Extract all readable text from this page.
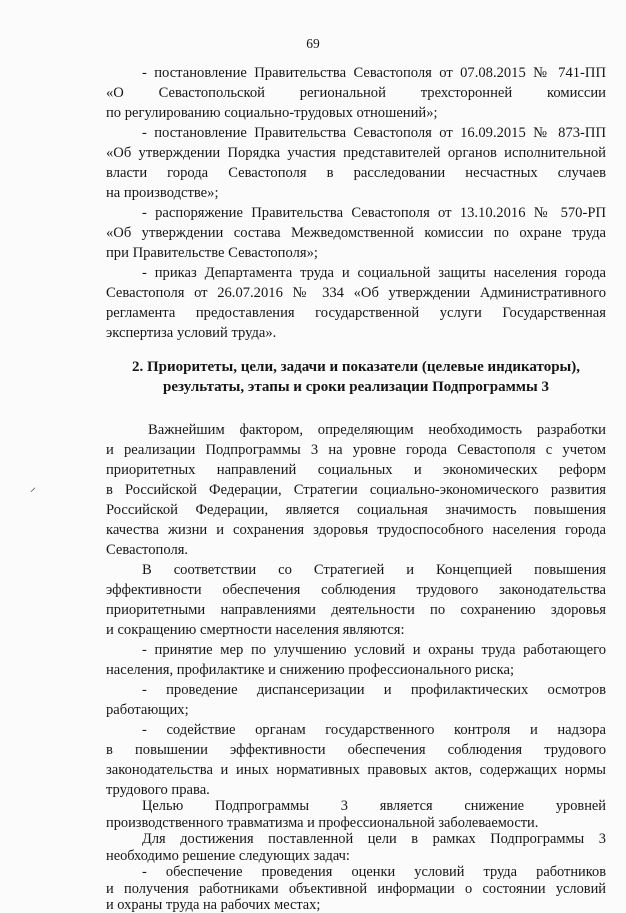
69
- постановление Правительства Севастополя от 07.08.2015 № 741-ПП
«О Севастопольской региональной трехсторонней комиссии
по регулированию социально-трудовых отношений»;
- постановление Правительства Севастополя от 16.09.2015 № 873-ПП
«Об утверждении Порядка участия представителей органов исполнительной
власти города Севастополя в расследовании несчастных случаев
на производстве»;
- распоряжение Правительства Севастополя от 13.10.2016 № 570-РП
«Об утверждении состава Межведомственной комиссии по охране труда
при Правительстве Севастополя»;
- приказ Департамента труда и социальной защиты населения города
Севастополя от 26.07.2016 № 334 «Об утверждении Административного
регламента предоставления государственной услуги Государственная
экспертиза условий труда».
2. Приоритеты, цели, задачи и показатели (целевые индикаторы),
результаты, этапы и сроки реализации Подпрограммы 3
Важнейшим фактором, определяющим необходимость разработки
и реализации Подпрограммы 3 на уровне города Севастополя с учетом
приоритетных направлений социальных и экономических реформ
в Российской Федерации, Стратегии социально-экономического развития
Российской Федерации, является социальная значимость повышения
качества жизни и сохранения здоровья трудоспособного населения города
Севастополя.
В соответствии со Стратегией и Концепцией повышения
эффективности обеспечения соблюдения трудового законодательства
приоритетными направлениями деятельности по сохранению здоровья
и сокращению смертности населения являются:
- принятие мер по улучшению условий и охраны труда работающего
населения, профилактике и снижению профессионального риска;
- проведение диспансеризации и профилактических осмотров
работающих;
- содействие органам государственного контроля и надзора
в повышении эффективности обеспечения соблюдения трудового
законодательства и иных нормативных правовых актов, содержащих нормы
трудового права.
Целью Подпрограммы 3 является снижение уровней
производственного травматизма и профессиональной заболеваемости.
Для достижения поставленной цели в рамках Подпрограммы 3
необходимо решение следующих задач:
- обеспечение проведения оценки условий труда работников
и получения работниками объективной информации о состоянии условий
и охраны труда на рабочих местах;
⸝
